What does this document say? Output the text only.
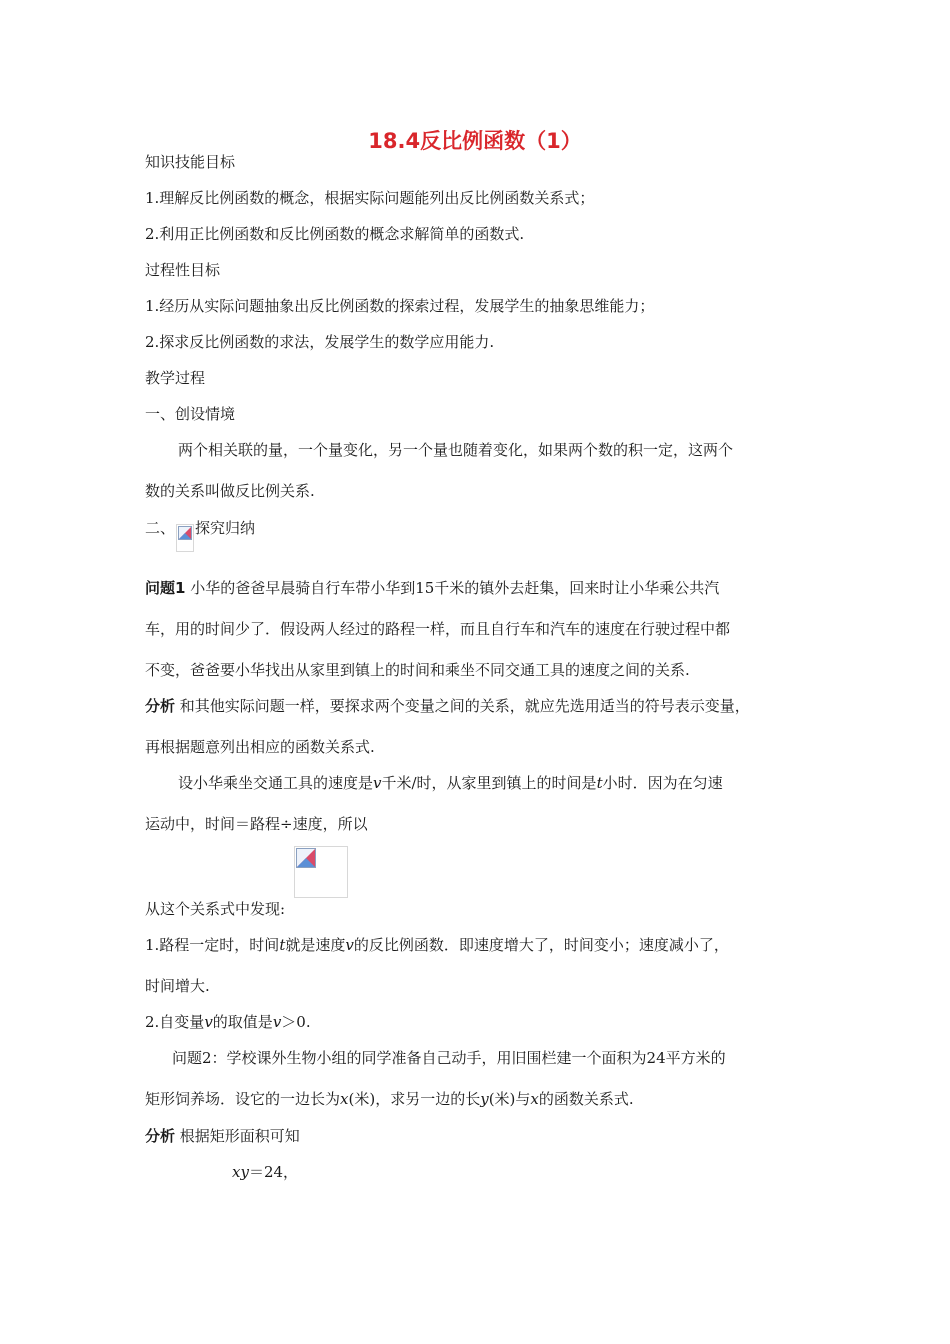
18.4反比例函数（1）
知识技能目标
1.理解反比例函数的概念，根据实际问题能列出反比例函数关系式；
2.利用正比例函数和反比例函数的概念求解简单的函数式.
过程性目标
1.经历从实际问题抽象出反比例函数的探索过程，发展学生的抽象思维能力；
2.探求反比例函数的求法，发展学生的数学应用能力.
教学过程
一、创设情境
两个相关联的量，一个量变化，另一个量也随着变化，如果两个数的积一定，这两个
数的关系叫做反比例关系.
二、 探究归纳
问题1 小华的爸爸早晨骑自行车带小华到15千米的镇外去赶集，回来时让小华乘公共汽
车，用的时间少了．假设两人经过的路程一样，而且自行车和汽车的速度在行驶过程中都
不变，爸爸要小华找出从家里到镇上的时间和乘坐不同交通工具的速度之间的关系.
分析 和其他实际问题一样，要探求两个变量之间的关系，就应先选用适当的符号表示变量，
再根据题意列出相应的函数关系式.
设小华乘坐交通工具的速度是v千米/时，从家里到镇上的时间是t小时．因为在匀速
运动中，时间＝路程÷速度，所以
从这个关系式中发现:
1.路程一定时，时间t就是速度v的反比例函数．即速度增大了，时间变小；速度减小了，
时间增大.
2.自变量v的取值是v＞0.
问题2：学校课外生物小组的同学准备自己动手，用旧围栏建一个面积为24平方米的
矩形饲养场．设它的一边长为x(米)，求另一边的长y(米)与x的函数关系式.
分析 根据矩形面积可知
xy＝24，
